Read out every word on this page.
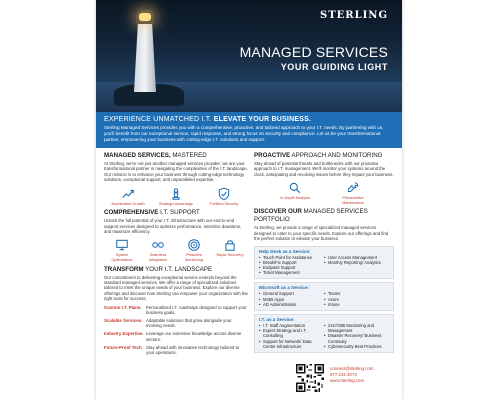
STERLING
MANAGED SERVICES
YOUR GUIDING LIGHT
EXPERIENCE UNMATCHED I.T. ELEVATE YOUR BUSINESS.
Sterling Managed Services provides you with a comprehensive, proactive, and tailored approach to your I.T. needs. By partnering with us, you'll benefit from our exceptional service, rapid response, and strong focus on security and compliance. Let us be your transformational partner, empowering your business with cutting-edge I.T. solutions and support.
MANAGED SERVICES, MASTERED
At Sterling, we're not just another managed services provider; we are your transformational partner in navigating the complexities of the I.T. landscape. Our mission is to enhance your business through cutting-edge technology solutions, exceptional support, and unparalleled expertise.
Accelerated Growth	Strategic Advantage	Fortified Security
COMPREHENSIVE I.T. SUPPORT
Unlock the full potential of your I.T. infrastructure with our end-to-end support services designed to optimize performance, minimize downtime, and maximize efficiency.
System Optimization
Seamless Integration
Proactive Monitoring
Rapid Recovery
TRANSFORM YOUR I.T. LANDSCAPE
Our commitment to delivering exceptional service extends beyond the standard managed services. We offer a range of specialized solutions tailored to meet the unique needs of your business. Explore our diverse offerings and discover how Sterling can empower your organization with the right tools for success.
Custom I.T. Plans.	Personalized I.T. roadmaps designed to support your business goals.
Scalable Services. Adaptable solutions that grow alongside your evolving needs.
Industry Expertise. Leverage our extensive knowledge across diverse sectors.
Future-Proof Tech. Stay ahead with innovative technology tailored to your operations.
PROACTIVE APPROACH AND MONITORING
Stay ahead of potential threats and bottlenecks with our proactive approach to I.T. management. We'll monitor your systems around the clock, anticipating and resolving issues before they impact your business.
In-Depth Analysis	Preventative Maintenance
DISCOVER OUR MANAGED SERVICES PORTFOLIO
At Sterling, we provide a range of specialized managed services designed to cater to your specific needs. Explore our offerings and find the perfect solution to elevate your business.
Help Desk as a Service:
• Touch Point for Assistance
• Break/Fix Support
• Endpoint Support
• Ticket Management
• User Access Management
• Monthly Reporting/ Analytics
Microsoft as a Service:
• General Support
• M365 Apps
• AD Administration
• Teams
• Azure
• Intune
I.T. as a Service:
• I.T. Staff Augmentation
• Expert Strategy and I.T. Consulting
• Support for Network/ Data Center Infrastructure
• 24x7/365 Monitoring and Management
• Disaster Recovery/ Business Continuity
• Cybersecurity Best Practices
connect@sterling.com
877.242.4074
www.sterling.com
